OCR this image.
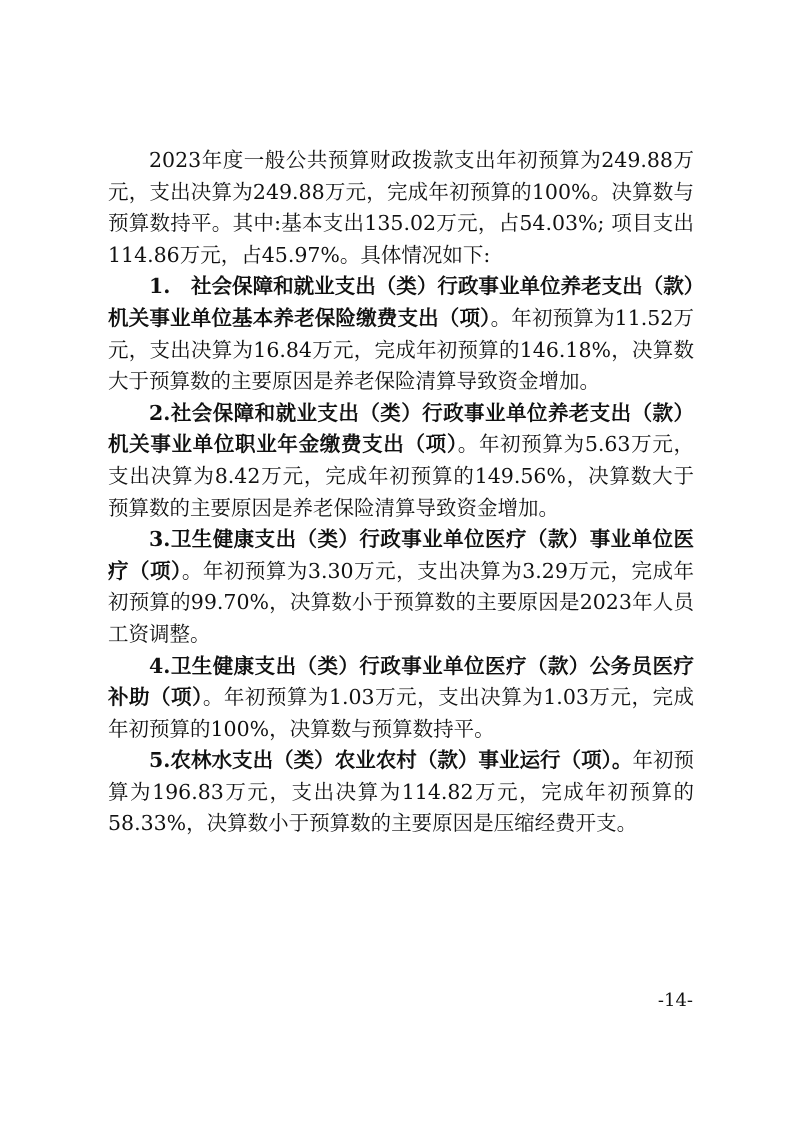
2023年度一般公共预算财政拨款支出年初预算为249.88万元，支出决算为249.88万元，完成年初预算的100%。决算数与预算数持平。其中:基本支出135.02万元，占54.03%; 项目支出114.86万元，占45.97%。具体情况如下:

1.　社会保障和就业支出（类）行政事业单位养老支出（款）机关事业单位基本养老保险缴费支出（项）。年初预算为11.52万元，支出决算为16.84万元，完成年初预算的146.18%，决算数大于预算数的主要原因是养老保险清算导致资金增加。

2.社会保障和就业支出（类）行政事业单位养老支出（款）机关事业单位职业年金缴费支出（项）。年初预算为5.63万元，支出决算为8.42万元，完成年初预算的149.56%，决算数大于预算数的主要原因是养老保险清算导致资金增加。

3.卫生健康支出（类）行政事业单位医疗（款）事业单位医疗（项）。年初预算为3.30万元，支出决算为3.29万元，完成年初预算的99.70%，决算数小于预算数的主要原因是2023年人员工资调整。

4.卫生健康支出（类）行政事业单位医疗（款）公务员医疗补助（项）。年初预算为1.03万元，支出决算为1.03万元，完成年初预算的100%，决算数与预算数持平。

5.农林水支出（类）农业农村（款）事业运行（项）。年初预算为196.83万元，支出决算为114.82万元，完成年初预算的58.33%，决算数小于预算数的主要原因是压缩经费开支。

-14-
